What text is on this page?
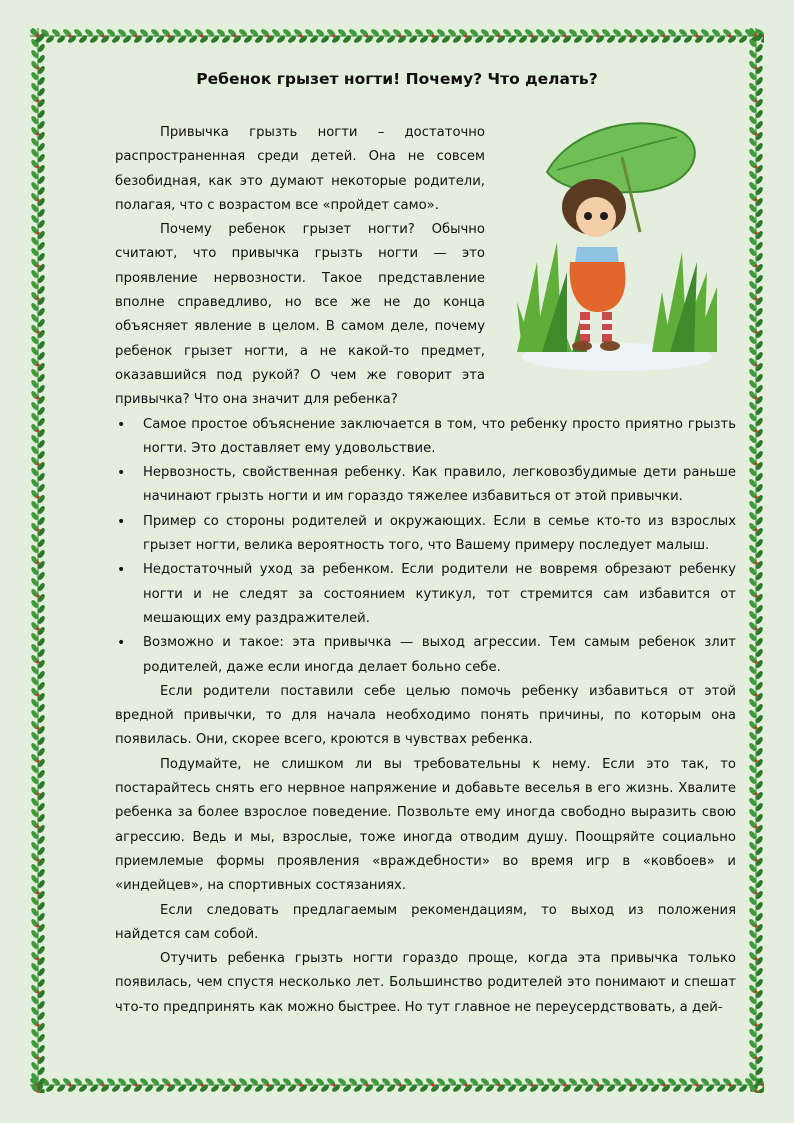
Ребенок грызет ногти! Почему? Что делать?

Привычка грызть ногти – достаточно распространенная среди детей. Она не совсем безобидная, как это думают некоторые родители, полагая, что с возрастом все «пройдет само».

Почему ребенок грызет ногти? Обычно считают, что привычка грызть ногти — это проявление нервозности. Такое представление вполне справедливо, но все же не до конца объясняет явление в целом. В самом деле, почему ребенок грызет ногти, а не какой-то предмет, оказавшийся под рукой? О чем же говорит эта привычка? Что она значит для ребенка?

• Самое простое объяснение заключается в том, что ребенку просто приятно грызть ногти. Это доставляет ему удовольствие.
• Нервозность, свойственная ребенку. Как правило, легковозбудимые дети раньше начинают грызть ногти и им гораздо тяжелее избавиться от этой привычки.
• Пример со стороны родителей и окружающих. Если в семье кто-то из взрослых грызет ногти, велика вероятность того, что Вашему примеру последует малыш.
• Недостаточный уход за ребенком. Если родители не вовремя обрезают ребенку ногти и не следят за состоянием кутикул, тот стремится сам избавится от мешающих ему раздражителей.
• Возможно и такое: эта привычка — выход агрессии. Тем самым ребенок злит родителей, даже если иногда делает больно себе.

Если родители поставили себе целью помочь ребенку избавиться от этой вредной привычки, то для начала необходимо понять причины, по которым она появилась. Они, скорее всего, кроются в чувствах ребенка.

Подумайте, не слишком ли вы требовательны к нему. Если это так, то постарайтесь снять его нервное напряжение и добавьте веселья в его жизнь. Хвалите ребенка за более взрослое поведение. Позвольте ему иногда свободно выразить свою агрессию. Ведь и мы, взрослые, тоже иногда отводим душу. Поощряйте социально приемлемые формы проявления «враждебности» во время игр в «ковбоев» и «индейцев», на спортивных состязаниях.

Если следовать предлагаемым рекомендациям, то выход из положения найдется сам собой.

Отучить ребенка грызть ногти гораздо проще, когда эта привычка только появилась, чем спустя несколько лет. Большинство родителей это понимают и спешат что-то предпринять как можно быстрее. Но тут главное не переусердствовать, а дей-
